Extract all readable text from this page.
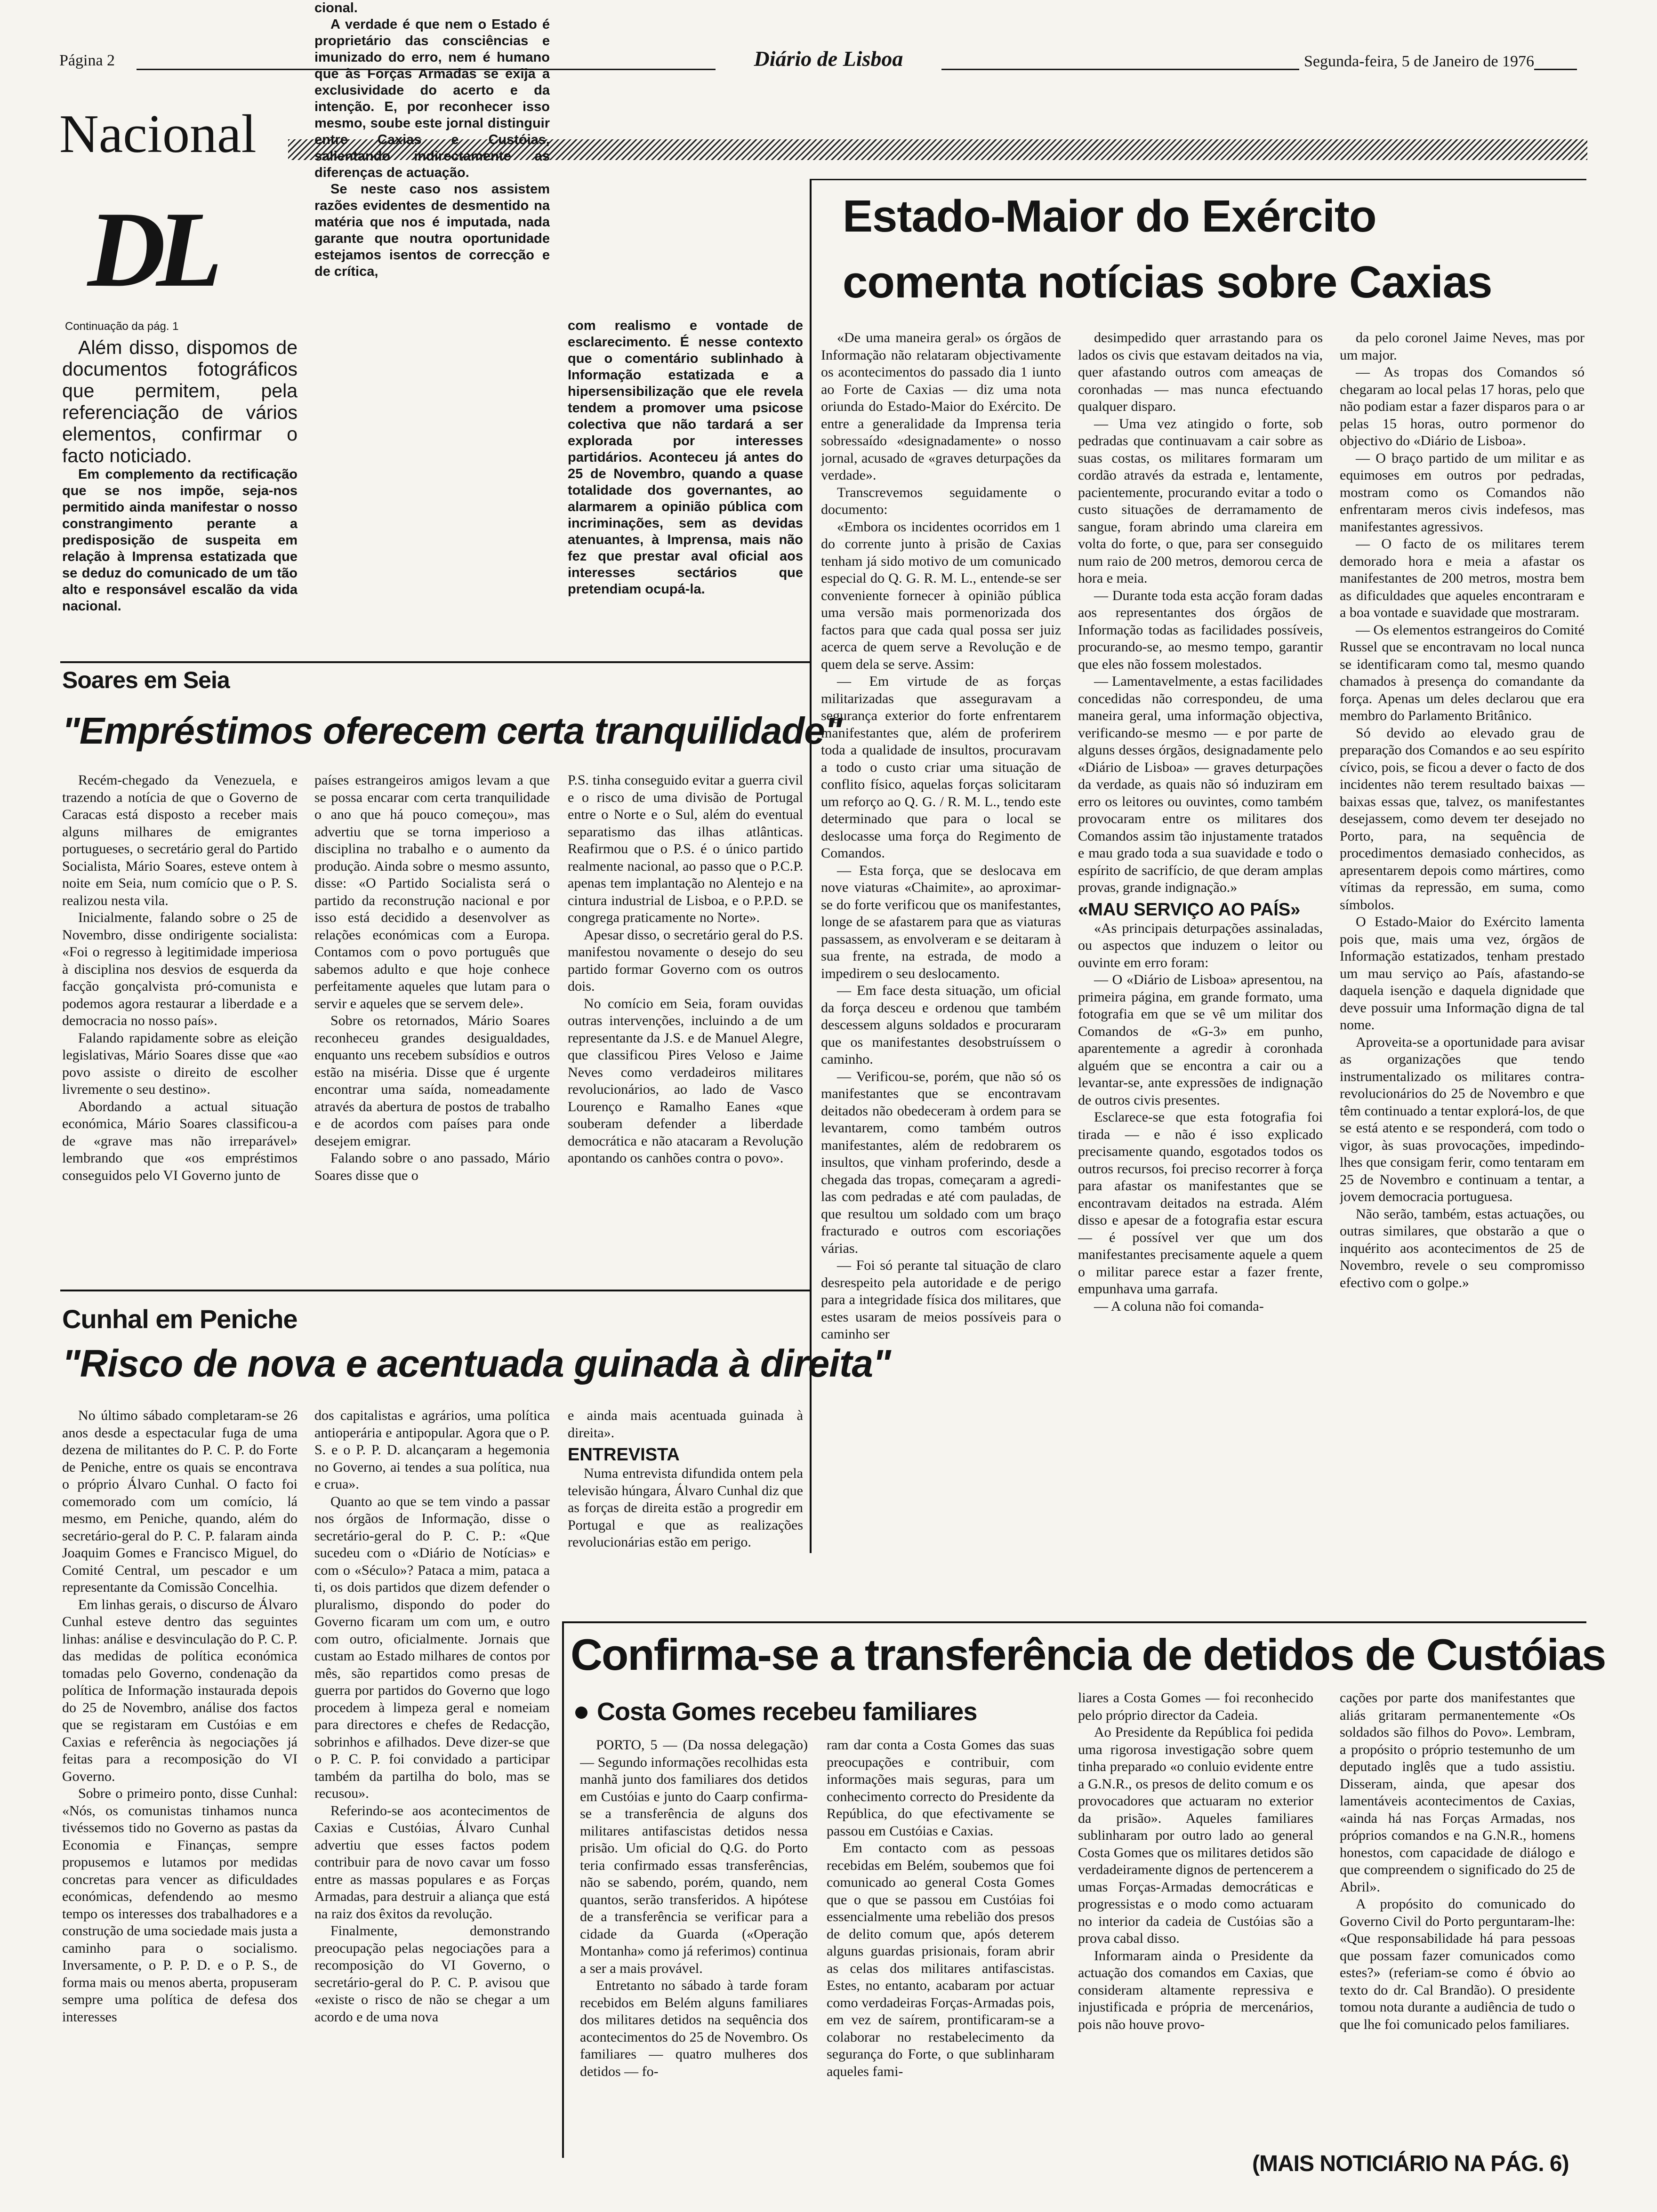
Página 2	Diário de Lisboa	Segunda-feira, 5 de Janeiro de 1976
Nacional
DL
Continuação da pág. 1

Além disso, dispomos de documentos fotográficos que permitem, pela referenciação de vários elementos, confirmar o facto noticiado.

Em complemento da rectificação que se nos impõe, seja-nos permitido ainda manifestar o nosso constrangimento perante a predisposição de suspeita em relação à Imprensa estatizada que se deduz do comunicado de um tão alto e responsável escalão da vida nacional.

cional.

A verdade é que nem o Estado é proprietário das consciências e imunizado do erro, nem é humano que às Forças Armadas se exija a exclusividade do acerto e da intenção. E, por reconhecer isso mesmo, soube este jornal distinguir entre Caxias e Custóias, salientando indirectamente as diferenças de actuação.

Se neste caso nos assistem razões evidentes de desmentido na matéria que nos é imputada, nada garante que noutra oportunidade estejamos isentos de correcção e de crítica,

com realismo e vontade de esclarecimento. É nesse contexto que o comentário sublinhado à Informação estatizada e a hipersensibilização que ele revela tendem a promover uma psicose colectiva que não tardará a ser explorada por interesses partidários. Aconteceu já antes do 25 de Novembro, quando a quase totalidade dos governantes, ao alarmarem a opinião pública com incriminações, sem as devidas atenuantes, à Imprensa, mais não fez que prestar aval oficial aos interesses sectários que pretendiam ocupá-la.

Estado-Maior do Exército
comenta notícias sobre Caxias

«De uma maneira geral» os órgãos de Informação não relataram objectivamente os acontecimentos do passado dia 1 iunto ao Forte de Caxias — diz uma nota oriunda do Estado-Maior do Exército. De entre a generalidade da Imprensa teria sobressaído «designadamente» o nosso jornal, acusado de «graves deturpações da verdade».

Transcrevemos seguidamente o documento:

«Embora os incidentes ocorridos em 1 do corrente junto à prisão de Caxias tenham já sido motivo de um comunicado especial do Q. G. R. M. L., entende-se ser conveniente fornecer à opinião pública uma versão mais pormenorizada dos factos para que cada qual possa ser juiz acerca de quem serve a Revolução e de quem dela se serve. Assim:

— Em virtude de as forças militarizadas que asseguravam a segurança exterior do forte enfrentarem manifestantes que, além de proferirem toda a qualidade de insultos, procuravam a todo o custo criar uma situação de conflito físico, aquelas forças solicitaram um reforço ao Q. G. / R. M. L., tendo este determinado que para o local se deslocasse uma força do Regimento de Comandos.

— Esta força, que se deslocava em nove viaturas «Chaimite», ao aproximar-se do forte verificou que os manifestantes, longe de se afastarem para que as viaturas passassem, as envolveram e se deitaram à sua frente, na estrada, de modo a impedirem o seu deslocamento.

— Em face desta situação, um oficial da força desceu e ordenou que também descessem alguns soldados e procuraram que os manifestantes desobstruíssem o caminho.

— Verificou-se, porém, que não só os manifestantes que se encontravam deitados não obedeceram à ordem para se levantarem, como também outros manifestantes, além de redobrarem os insultos, que vinham proferindo, desde a chegada das tropas, começaram a agredi-las com pedradas e até com pauladas, de que resultou um soldado com um braço fracturado e outros com escoriações várias.

— Foi só perante tal situação de claro desrespeito pela autoridade e de perigo para a integridade física dos militares, que estes usaram de meios possíveis para o caminho ser

desimpedido quer arrastando para os lados os civis que estavam deitados na via, quer afastando outros com ameaças de coronhadas — mas nunca efectuando qualquer disparo.

— Uma vez atingido o forte, sob pedradas que continuavam a cair sobre as suas costas, os militares formaram um cordão através da estrada e, lentamente, pacientemente, procurando evitar a todo o custo situações de derramamento de sangue, foram abrindo uma clareira em volta do forte, o que, para ser conseguido num raio de 200 metros, demorou cerca de hora e meia.

— Durante toda esta acção foram dadas aos representantes dos órgãos de Informação todas as facilidades possíveis, procurando-se, ao mesmo tempo, garantir que eles não fossem molestados.

— Lamentavelmente, a estas facilidades concedidas não correspondeu, de uma maneira geral, uma informação objectiva, verificando-se mesmo — e por parte de alguns desses órgãos, designadamente pelo «Diário de Lisboa» — graves deturpações da verdade, as quais não só induziram em erro os leitores ou ouvintes, como também provocaram entre os militares dos Comandos assim tão injustamente tratados e mau grado toda a sua suavidade e todo o espírito de sacrifício, de que deram amplas provas, grande indignação.»

«MAU SERVIÇO AO PAÍS»

«As principais deturpações assinaladas, ou aspectos que induzem o leitor ou ouvinte em erro foram:

— O «Diário de Lisboa» apresentou, na primeira página, em grande formato, uma fotografia em que se vê um militar dos Comandos de «G-3» em punho, aparentemente a agredir à coronhada alguém que se encontra a cair ou a levantar-se, ante expressões de indignação de outros civis presentes.

Esclarece-se que esta fotografia foi tirada — e não é isso explicado precisamente quando, esgotados todos os outros recursos, foi preciso recorrer à força para afastar os manifestantes que se encontravam deitados na estrada. Além disso e apesar de a fotografia estar escura — é possível ver que um dos manifestantes precisamente aquele a quem o militar parece estar a fazer frente, empunhava uma garrafa.

— A coluna não foi comanda-

da pelo coronel Jaime Neves, mas por um major.

— As tropas dos Comandos só chegaram ao local pelas 17 horas, pelo que não podiam estar a fazer disparos para o ar pelas 15 horas, outro pormenor do objectivo do «Diário de Lisboa».

— O braço partido de um militar e as equimoses em outros por pedradas, mostram como os Comandos não enfrentaram meros civis indefesos, mas manifestantes agressivos.

— O facto de os militares terem demorado hora e meia a afastar os manifestantes de 200 metros, mostra bem as dificuldades que aqueles encontraram e a boa vontade e suavidade que mostraram.

— Os elementos estrangeiros do Comité Russel que se encontravam no local nunca se identificaram como tal, mesmo quando chamados à presença do comandante da força. Apenas um deles declarou que era membro do Parlamento Britânico.

Só devido ao elevado grau de preparação dos Comandos e ao seu espírito cívico, pois, se ficou a dever o facto de dos incidentes não terem resultado baixas — baixas essas que, talvez, os manifestantes desejassem, como devem ter desejado no Porto, para, na sequência de procedimentos demasiado conhecidos, as apresentarem depois como mártires, como vítimas da repressão, em suma, como símbolos.

O Estado-Maior do Exército lamenta pois que, mais uma vez, órgãos de Informação estatizados, tenham prestado um mau serviço ao País, afastando-se daquela isenção e daquela dignidade que deve possuir uma Informação digna de tal nome.

Aproveita-se a oportunidade para avisar as organizações que tendo instrumentalizado os militares contra-revolucionários do 25 de Novembro e que têm continuado a tentar explorá-los, de que se está atento e se responderá, com todo o vigor, às suas provocações, impedindo-lhes que consigam ferir, como tentaram em 25 de Novembro e continuam a tentar, a jovem democracia portuguesa.

Não serão, também, estas actuações, ou outras similares, que obstarão a que o inquérito aos acontecimentos de 25 de Novembro, revele o seu compromisso efectivo com o golpe.»

Soares em Seia
"Empréstimos oferecem certa tranquilidade"

Recém-chegado da Venezuela, e trazendo a notícia de que o Governo de Caracas está disposto a receber mais alguns milhares de emigrantes portugueses, o secretário geral do Partido Socialista, Mário Soares, esteve ontem à noite em Seia, num comício que o P. S. realizou nesta vila.

Inicialmente, falando sobre o 25 de Novembro, disse ondirigente socialista: «Foi o regresso à legitimidade imperiosa à disciplina nos desvios de esquerda da facção gonçalvista pró-comunista e podemos agora restaurar a liberdade e a democracia no nosso país».

Falando rapidamente sobre as eleição legislativas, Mário Soares disse que «ao povo assiste o direito de escolher livremente o seu destino».

Abordando a actual situação económica, Mário Soares classificou-a de «grave mas não irreparável» lembrando que «os empréstimos conseguidos pelo VI Governo junto de

países estrangeiros amigos levam a que se possa encarar com certa tranquilidade o ano que há pouco começou», mas advertiu que se torna imperioso a disciplina no trabalho e o aumento da produção. Ainda sobre o mesmo assunto, disse: «O Partido Socialista será o partido da reconstrução nacional e por isso está decidido a desenvolver as relações económicas com a Europa. Contamos com o povo português que sabemos adulto e que hoje conhece perfeitamente aqueles que lutam para o servir e aqueles que se servem dele».

Sobre os retornados, Mário Soares reconheceu grandes desigualdades, enquanto uns recebem subsídios e outros estão na miséria. Disse que é urgente encontrar uma saída, nomeadamente através da abertura de postos de trabalho e de acordos com países para onde desejem emigrar.

Falando sobre o ano passado, Mário Soares disse que o

P.S. tinha conseguido evitar a guerra civil e o risco de uma divisão de Portugal entre o Norte e o Sul, além do eventual separatismo das ilhas atlânticas. Reafirmou que o P.S. é o único partido realmente nacional, ao passo que o P.C.P. apenas tem implantação no Alentejo e na cintura industrial de Lisboa, e o P.P.D. se congrega praticamente no Norte».

Apesar disso, o secretário geral do P.S. manifestou novamente o desejo do seu partido formar Governo com os outros dois.

No comício em Seia, foram ouvidas outras intervenções, incluindo a de um representante da J.S. e de Manuel Alegre, que classificou Pires Veloso e Jaime Neves como verdadeiros militares revolucionários, ao lado de Vasco Lourenço e Ramalho Eanes «que souberam defender a liberdade democrática e não atacaram a Revolução apontando os canhões contra o povo».

Cunhal em Peniche
"Risco de nova e acentuada guinada à direita"

No último sábado completaram-se 26 anos desde a espectacular fuga de uma dezena de militantes do P. C. P. do Forte de Peniche, entre os quais se encontrava o próprio Álvaro Cunhal. O facto foi comemorado com um comício, lá mesmo, em Peniche, quando, além do secretário-geral do P. C. P. falaram ainda Joaquim Gomes e Francisco Miguel, do Comité Central, um pescador e um representante da Comissão Concelhia.

Em linhas gerais, o discurso de Álvaro Cunhal esteve dentro das seguintes linhas: análise e desvinculação do P. C. P. das medidas de política económica tomadas pelo Governo, condenação da política de Informação instaurada depois do 25 de Novembro, análise dos factos que se registaram em Custóias e em Caxias e referência às negociações já feitas para a recomposição do VI Governo.

Sobre o primeiro ponto, disse Cunhal: «Nós, os comunistas tinhamos nunca tivéssemos tido no Governo as pastas da Economia e Finanças, sempre propusemos e lutamos por medidas concretas para vencer as dificuldades económicas, defendendo ao mesmo tempo os interesses dos trabalhadores e a construção de uma sociedade mais justa a caminho para o socialismo. Inversamente, o P. P. D. e o P. S., de forma mais ou menos aberta, propuseram sempre uma política de defesa dos interesses

dos capitalistas e agrários, uma política antioperária e antipopular. Agora que o P. S. e o P. P. D. alcançaram a hegemonia no Governo, ai tendes a sua política, nua e crua».

Quanto ao que se tem vindo a passar nos órgãos de Informação, disse o secretário-geral do P. C. P.: «Que sucedeu com o «Diário de Notícias» e com o «Século»? Pataca a mim, pataca a ti, os dois partidos que dizem defender o pluralismo, dispondo do poder do Governo ficaram um com um, e outro com outro, oficialmente. Jornais que custam ao Estado milhares de contos por mês, são repartidos como presas de guerra por partidos do Governo que logo procedem à limpeza geral e nomeiam para directores e chefes de Redacção, sobrinhos e afilhados. Deve dizer-se que o P. C. P. foi convidado a participar também da partilha do bolo, mas se recusou».

Referindo-se aos acontecimentos de Caxias e Custóias, Álvaro Cunhal advertiu que esses factos podem contribuir para de novo cavar um fosso entre as massas populares e as Forças Armadas, para destruir a aliança que está na raiz dos êxitos da revolução.

Finalmente, demonstrando preocupação pelas negociações para a recomposição do VI Governo, o secretário-geral do P. C. P. avisou que «existe o risco de não se chegar a um acordo e de uma nova

e ainda mais acentuada guinada à direita».

ENTREVISTA

Numa entrevista difundida ontem pela televisão húngara, Álvaro Cunhal diz que as forças de direita estão a progredir em Portugal e que as realizações revolucionárias estão em perigo.

Confirma-se a transferência de detidos de Custóias
Costa Gomes recebeu familiares

PORTO, 5 — (Da nossa delegação) — Segundo informações recolhidas esta manhã junto dos familiares dos detidos em Custóias e junto do Caarp confirma-se a transferência de alguns dos militares antifascistas detidos nessa prisão. Um oficial do Q.G. do Porto teria confirmado essas transferências, não se sabendo, porém, quando, nem quantos, serão transferidos. A hipótese de a transferência se verificar para a cidade da Guarda («Operação Montanha» como já referimos) continua a ser a mais provável.

Entretanto no sábado à tarde foram recebidos em Belém alguns familiares dos militares detidos na sequência dos acontecimentos do 25 de Novembro. Os familiares — quatro mulheres dos detidos — fo-

ram dar conta a Costa Gomes das suas preocupações e contribuir, com informações mais seguras, para um conhecimento correcto do Presidente da República, do que efectivamente se passou em Custóias e Caxias.

Em contacto com as pessoas recebidas em Belém, soubemos que foi comunicado ao general Costa Gomes que o que se passou em Custóias foi essencialmente uma rebelião dos presos de delito comum que, após deterem alguns guardas prisionais, foram abrir as celas dos militares antifascistas. Estes, no entanto, acabaram por actuar como verdadeiras Forças-Armadas pois, em vez de saírem, prontificaram-se a colaborar no restabelecimento da segurança do Forte, o que sublinharam aqueles fami-

liares a Costa Gomes — foi reconhecido pelo próprio director da Cadeia.

Ao Presidente da República foi pedida uma rigorosa investigação sobre quem tinha preparado «o conluio evidente entre a G.N.R., os presos de delito comum e os provocadores que actuaram no exterior da prisão». Aqueles familiares sublinharam por outro lado ao general Costa Gomes que os militares detidos são verdadeiramente dignos de pertencerem a umas Forças-Armadas democráticas e progressistas e o modo como actuaram no interior da cadeia de Custóias são a prova cabal disso.

Informaram ainda o Presidente da actuação dos comandos em Caxias, que consideram altamente repressiva e injustificada e própria de mercenários, pois não houve provo-

cações por parte dos manifestantes que aliás gritaram permanentemente «Os soldados são filhos do Povo». Lembram, a propósito o próprio testemunho de um deputado inglês que a tudo assistiu. Disseram, ainda, que apesar dos lamentáveis acontecimentos de Caxias, «ainda há nas Forças Armadas, nos próprios comandos e na G.N.R., homens honestos, com capacidade de diálogo e que compreendem o significado do 25 de Abril».

A propósito do comunicado do Governo Civil do Porto perguntaram-lhe: «Que responsabilidade há para pessoas que possam fazer comunicados como estes?» (referiam-se como é óbvio ao texto do dr. Cal Brandão). O presidente tomou nota durante a audiência de tudo o que lhe foi comunicado pelos familiares.

(MAIS NOTICIÁRIO NA PÁG. 6)
